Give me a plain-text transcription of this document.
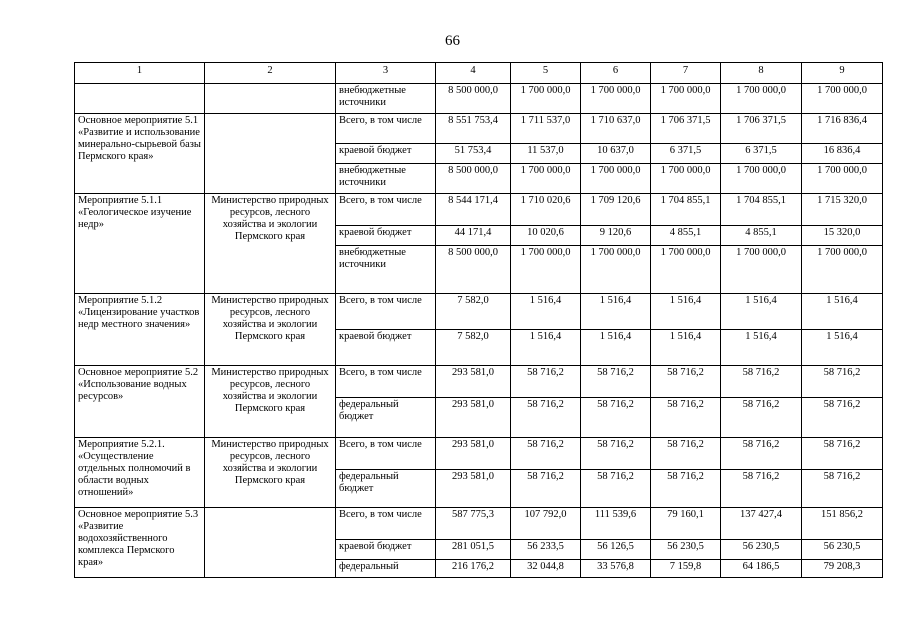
66
1	2	3	4	5	6	7	8	9
		внебюджетные источники	8 500 000,0	1 700 000,0	1 700 000,0	1 700 000,0	1 700 000,0	1 700 000,0
Основное мероприятие 5.1 «Развитие и использование минерально-сырьевой базы Пермского края»		Всего, в том числе	8 551 753,4	1 711 537,0	1 710 637,0	1 706 371,5	1 706 371,5	1 716 836,4
		краевой бюджет	51 753,4	11 537,0	10 637,0	6 371,5	6 371,5	16 836,4
		внебюджетные источники	8 500 000,0	1 700 000,0	1 700 000,0	1 700 000,0	1 700 000,0	1 700 000,0
Мероприятие 5.1.1 «Геологическое изучение недр»	Министерство природных ресурсов, лесного хозяйства и экологии Пермского края	Всего, в том числе	8 544 171,4	1 710 020,6	1 709 120,6	1 704 855,1	1 704 855,1	1 715 320,0
		краевой бюджет	44 171,4	10 020,6	9 120,6	4 855,1	4 855,1	15 320,0
		внебюджетные источники	8 500 000,0	1 700 000,0	1 700 000,0	1 700 000,0	1 700 000,0	1 700 000,0
Мероприятие 5.1.2 «Лицензирование участков недр местного значения»	Министерство природных ресурсов, лесного хозяйства и экологии Пермского края	Всего, в том числе	7 582,0	1 516,4	1 516,4	1 516,4	1 516,4	1 516,4
		краевой бюджет	7 582,0	1 516,4	1 516,4	1 516,4	1 516,4	1 516,4
Основное мероприятие 5.2 «Использование водных ресурсов»	Министерство природных ресурсов, лесного хозяйства и экологии Пермского края	Всего, в том числе	293 581,0	58 716,2	58 716,2	58 716,2	58 716,2	58 716,2
		федеральный бюджет	293 581,0	58 716,2	58 716,2	58 716,2	58 716,2	58 716,2
Мероприятие 5.2.1. «Осуществление отдельных полномочий в области водных отношений»	Министерство природных ресурсов, лесного хозяйства и экологии Пермского края	Всего, в том числе	293 581,0	58 716,2	58 716,2	58 716,2	58 716,2	58 716,2
		федеральный бюджет	293 581,0	58 716,2	58 716,2	58 716,2	58 716,2	58 716,2
Основное мероприятие 5.3 «Развитие водохозяйственного комплекса Пермского края»		Всего, в том числе	587 775,3	107 792,0	111 539,6	79 160,1	137 427,4	151 856,2
		краевой бюджет	281 051,5	56 233,5	56 126,5	56 230,5	56 230,5	56 230,5
		федеральный	216 176,2	32 044,8	33 576,8	7 159,8	64 186,5	79 208,3
